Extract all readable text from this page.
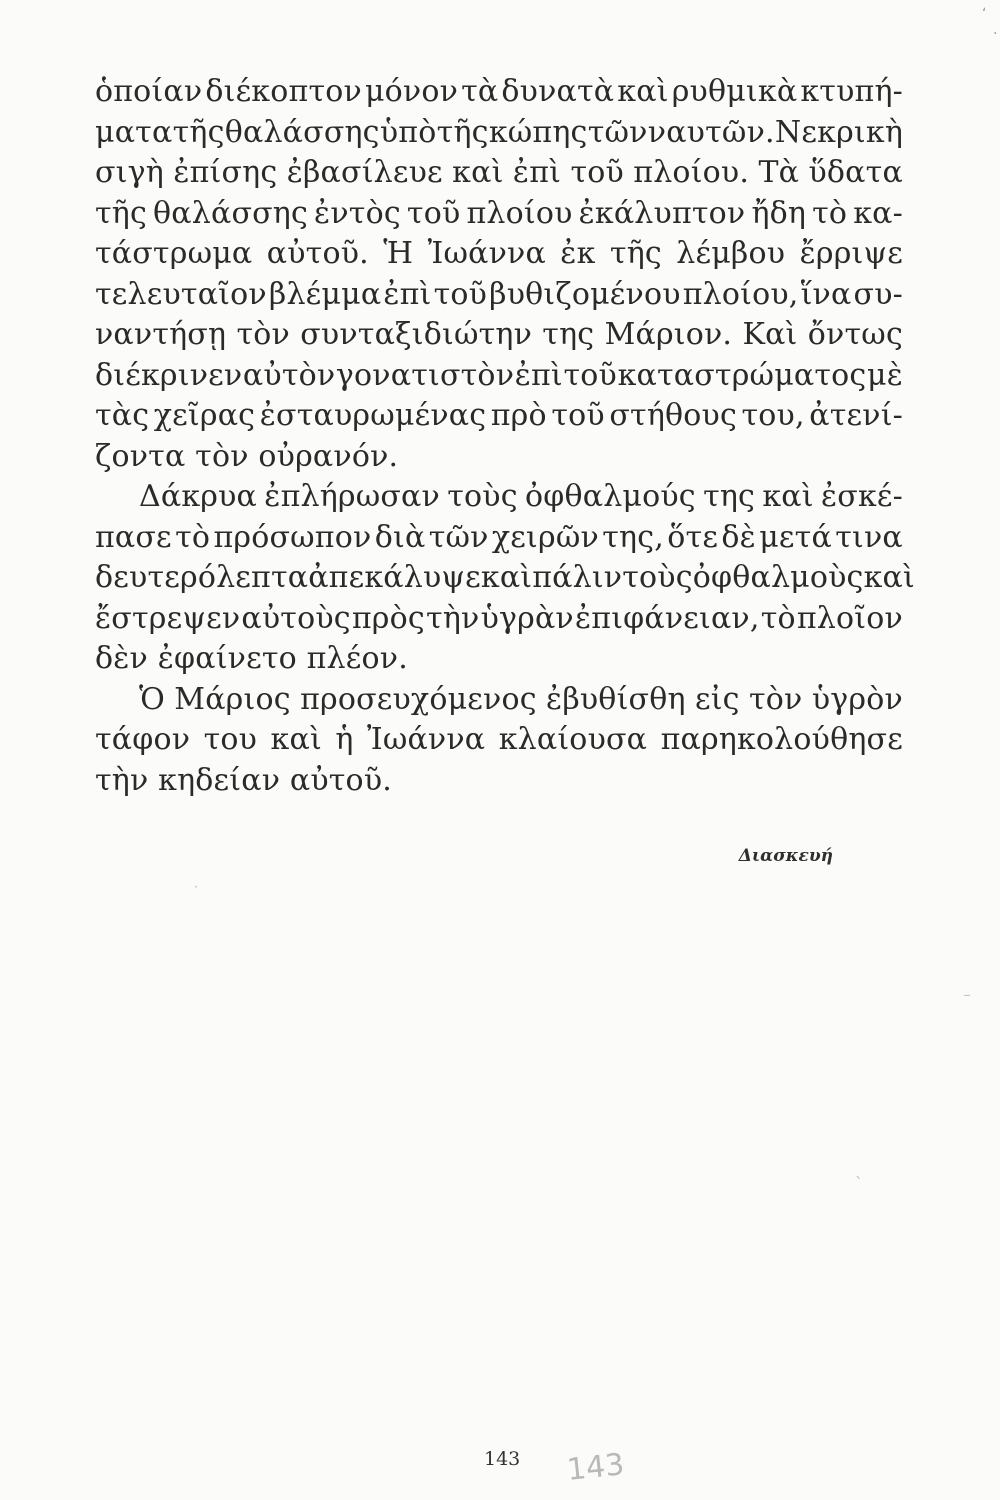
ʻ
·
–
ˎ
·
ὁποίαν διέκοπτον μόνον τὰ δυνατὰ καὶ ρυθμικὰ κτυπή-
ματα τῆς θαλάσσης ὑπὸ τῆς κώπης τῶν ναυτῶν. Νεκρικὴ
σιγὴ ἐπίσης ἐβασίλευε καὶ ἐπὶ τοῦ πλοίου. Τὰ ὕδατα
τῆς θαλάσσης ἐντὸς τοῦ πλοίου ἐκάλυπτον ἤδη τὸ κα-
τάστρωμα αὐτοῦ. Ἡ Ἰωάννα ἐκ τῆς λέμβου ἔρριψε
τελευταῖον βλέμμα ἐπὶ τοῦ βυθιζομένου πλοίου, ἵνα συ-
ναντήσῃ τὸν συνταξιδιώτην της Μάριον. Καὶ ὄντως
διέκρινεν αὐτὸν γονατιστὸν ἐπὶ τοῦ καταστρώματος μὲ
τὰς χεῖρας ἐσταυρωμένας πρὸ τοῦ στήθους του, ἀτενί-
ζοντα τὸν οὐρανόν.
Δάκρυα ἐπλήρωσαν τοὺς ὀφθαλμούς της καὶ ἐσκέ-
πασε τὸ πρόσωπον διὰ τῶν χειρῶν της, ὅτε δὲ μετά τινα
δευτερόλεπτα ἀπεκάλυψε καὶ πάλιν τοὺς ὀφθαλμοὺς καὶ
ἔστρεψεν αὐτοὺς πρὸς τὴν ὑγρὰν ἐπιφάνειαν, τὸ πλοῖον
δὲν ἐφαίνετο πλέον.
Ὁ Μάριος προσευχόμενος ἐβυθίσθη εἰς τὸν ὑγρὸν
τάφον του καὶ ἡ Ἰωάννα κλαίουσα παρηκολούθησε
τὴν κηδείαν αὐτοῦ.
Διασκευή
143 143
